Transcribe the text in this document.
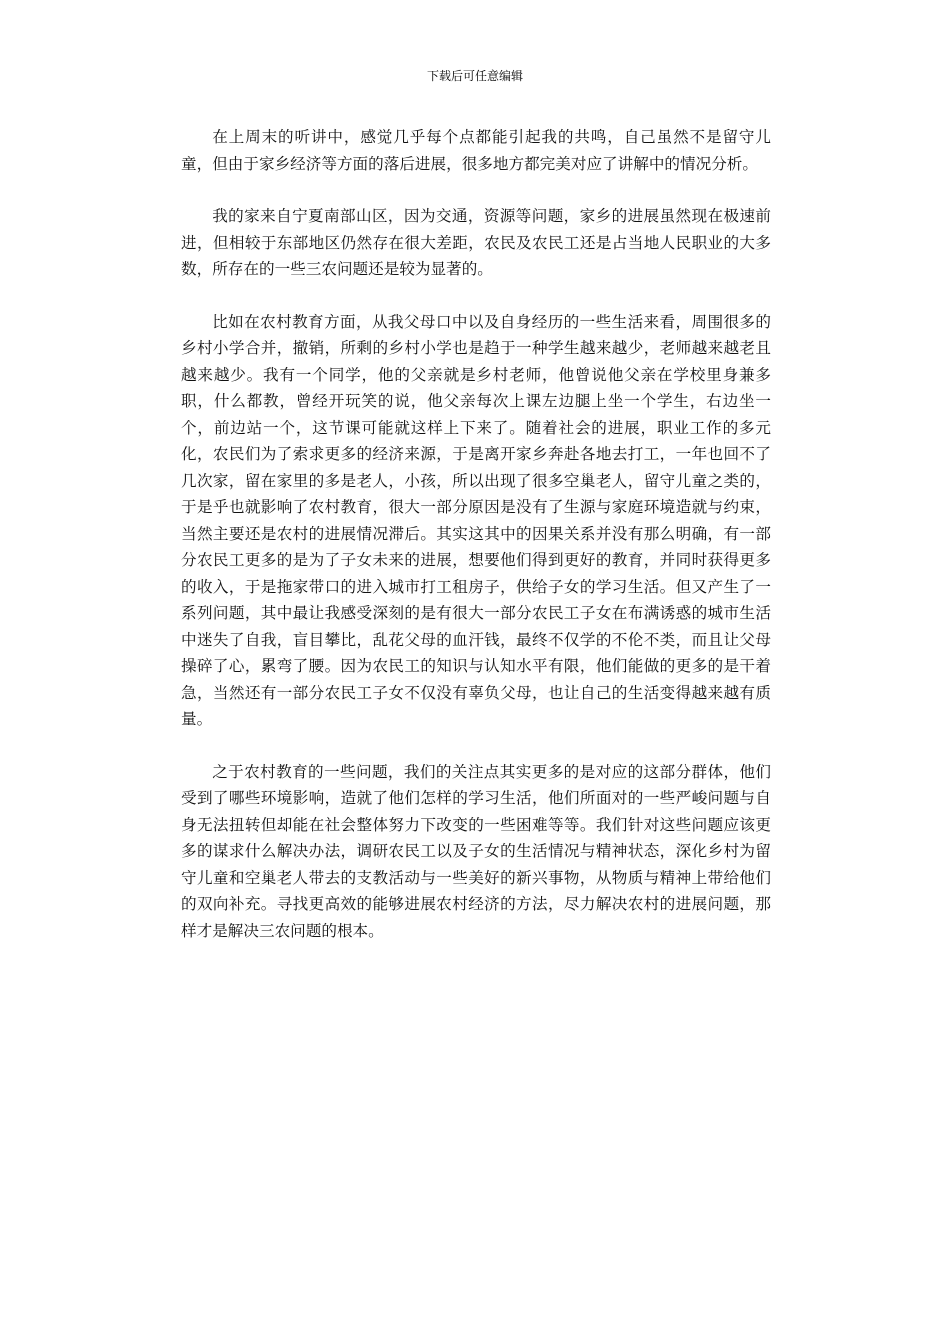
下载后可任意编辑

在上周末的听讲中，感觉几乎每个点都能引起我的共鸣，自己虽然不是留守儿童，但由于家乡经济等方面的落后进展，很多地方都完美对应了讲解中的情况分析。

我的家来自宁夏南部山区，因为交通，资源等问题，家乡的进展虽然现在极速前进，但相较于东部地区仍然存在很大差距，农民及农民工还是占当地人民职业的大多数，所存在的一些三农问题还是较为显著的。

比如在农村教育方面，从我父母口中以及自身经历的一些生活来看，周围很多的乡村小学合并，撤销，所剩的乡村小学也是趋于一种学生越来越少，老师越来越老且越来越少。我有一个同学，他的父亲就是乡村老师，他曾说他父亲在学校里身兼多职，什么都教，曾经开玩笑的说，他父亲每次上课左边腿上坐一个学生，右边坐一个，前边站一个，这节课可能就这样上下来了。随着社会的进展，职业工作的多元化，农民们为了索求更多的经济来源，于是离开家乡奔赴各地去打工，一年也回不了几次家，留在家里的多是老人，小孩，所以出现了很多空巢老人，留守儿童之类的，于是乎也就影响了农村教育，很大一部分原因是没有了生源与家庭环境造就与约束，当然主要还是农村的进展情况滞后。其实这其中的因果关系并没有那么明确，有一部分农民工更多的是为了子女未来的进展，想要他们得到更好的教育，并同时获得更多的收入，于是拖家带口的进入城市打工租房子，供给子女的学习生活。但又产生了一系列问题，其中最让我感受深刻的是有很大一部分农民工子女在布满诱惑的城市生活中迷失了自我，盲目攀比，乱花父母的血汗钱，最终不仅学的不伦不类，而且让父母操碎了心，累弯了腰。因为农民工的知识与认知水平有限，他们能做的更多的是干着急，当然还有一部分农民工子女不仅没有辜负父母，也让自己的生活变得越来越有质量。

之于农村教育的一些问题，我们的关注点其实更多的是对应的这部分群体，他们受到了哪些环境影响，造就了他们怎样的学习生活，他们所面对的一些严峻问题与自身无法扭转但却能在社会整体努力下改变的一些困难等等。我们针对这些问题应该更多的谋求什么解决办法，调研农民工以及子女的生活情况与精神状态，深化乡村为留守儿童和空巢老人带去的支教活动与一些美好的新兴事物，从物质与精神上带给他们的双向补充。寻找更高效的能够进展农村经济的方法，尽力解决农村的进展问题，那样才是解决三农问题的根本。
